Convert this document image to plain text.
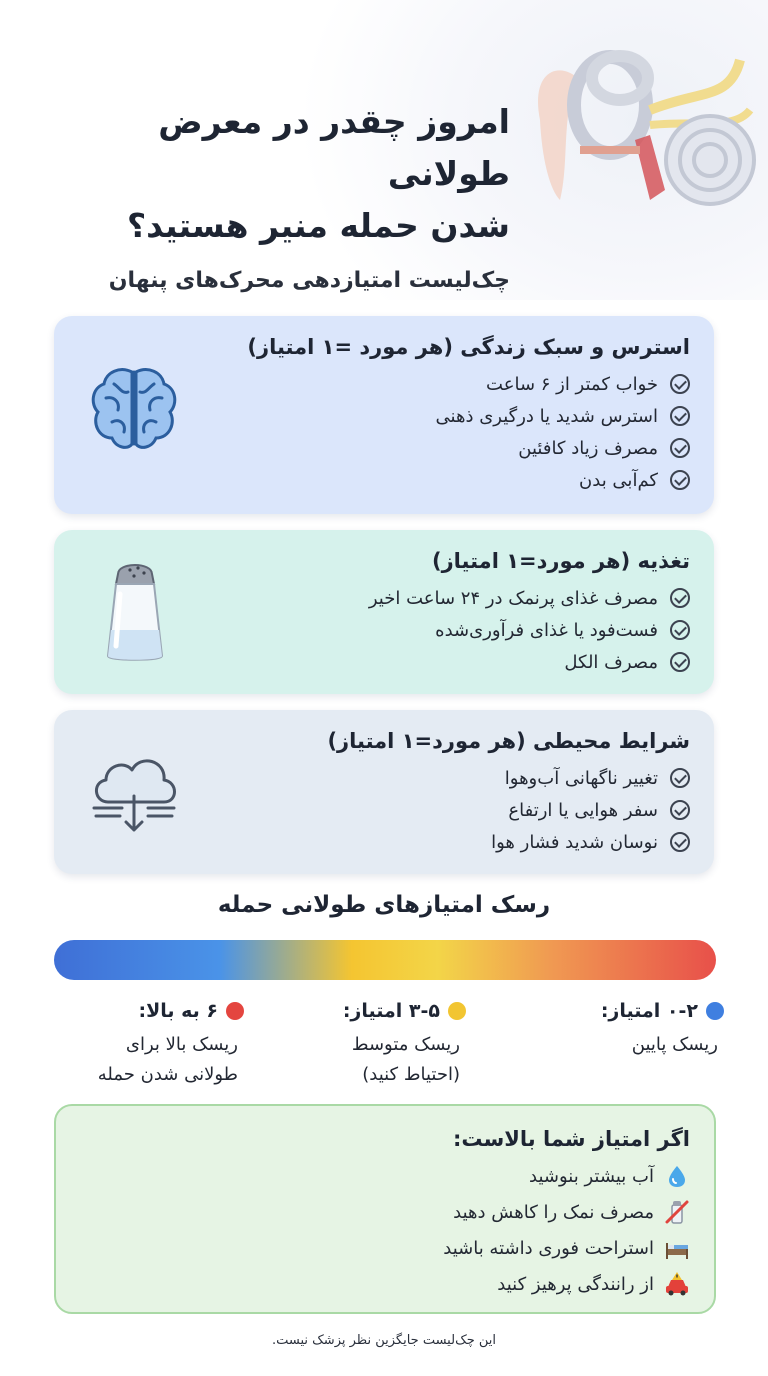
امروز چقدر در معرض طولانی
شدن حمله منیر هستید؟
چک‌لیست امتیازدهی محرک‌های پنهان
استرس و سبک زندگی (هر مورد =۱ امتیاز)
خواب کمتر از ۶ ساعت
استرس شدید یا درگیری ذهنی
مصرف زیاد کافئین
کم‌آبی بدن
تغذیه (هر مورد=۱ امتیاز)
مصرف غذای پرنمک در ۲۴ ساعت اخیر
فست‌فود یا غذای فرآوری‌شده
مصرف الکل
شرایط محیطی (هر مورد=۱ امتیاز)
تغییر ناگهانی آب‌وهوا
سفر هوایی یا ارتفاع
نوسان شدید فشار هوا
رسک امتیازهای طولانی حمله
۰-۲ امتیاز:
ریسک پایین
۳-۵ امتیاز:
ریسک متوسط
(احتیاط کنید)
۶ به بالا:
ریسک بالا برای
طولانی شدن حمله
اگر امتیاز شما بالاست:
آب بیشتر بنوشید
مصرف نمک را کاهش دهید
استراحت فوری داشته باشید
از رانندگی پرهیز کنید
این چک‌لیست جایگزین نظر پزشک نیست.
